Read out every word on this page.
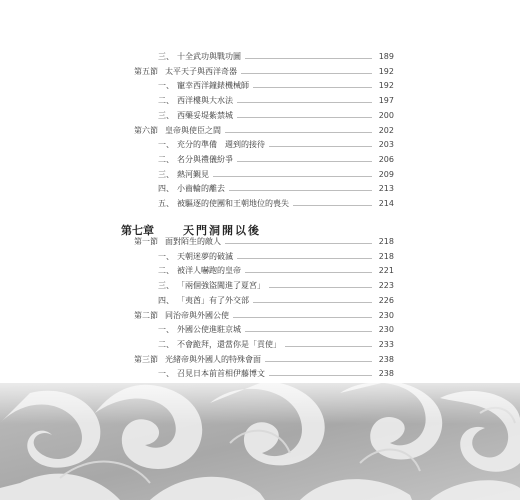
三、 十全武功與戰功圖	189
第五節 太平天子與西洋奇器	192
一、 寵幸西洋鐘錶機械師	192
二、 西洋樓與大水法	197
三、 西藥妥堤紫禁城	200
第六節 皇帝與使臣之間	202
一、 充分的準備　週到的接待	203
二、 名分與禮儀紛爭	206
三、 熱河覲見	209
四、 小齒輪的離去	213
五、 被驅逐的使團和王朝地位的喪失	214
第七章	天門洞開以後
第一節 面對陌生的敵人	218
一、 天朝迷夢的破滅	218
二、 被洋人嚇跑的皇帝	221
三、 「兩個強盜闖進了夏宮」	223
四、 「夷酋」有了外交部	226
第二節 同治帝與外國公使	230
一、 外國公使進駐京城	230
二、 不會跪拜，還當你是「貢使」	233
第三節 光緒帝與外國人的特殊會面	238
一、 召見日本前首相伊藤博文	238
